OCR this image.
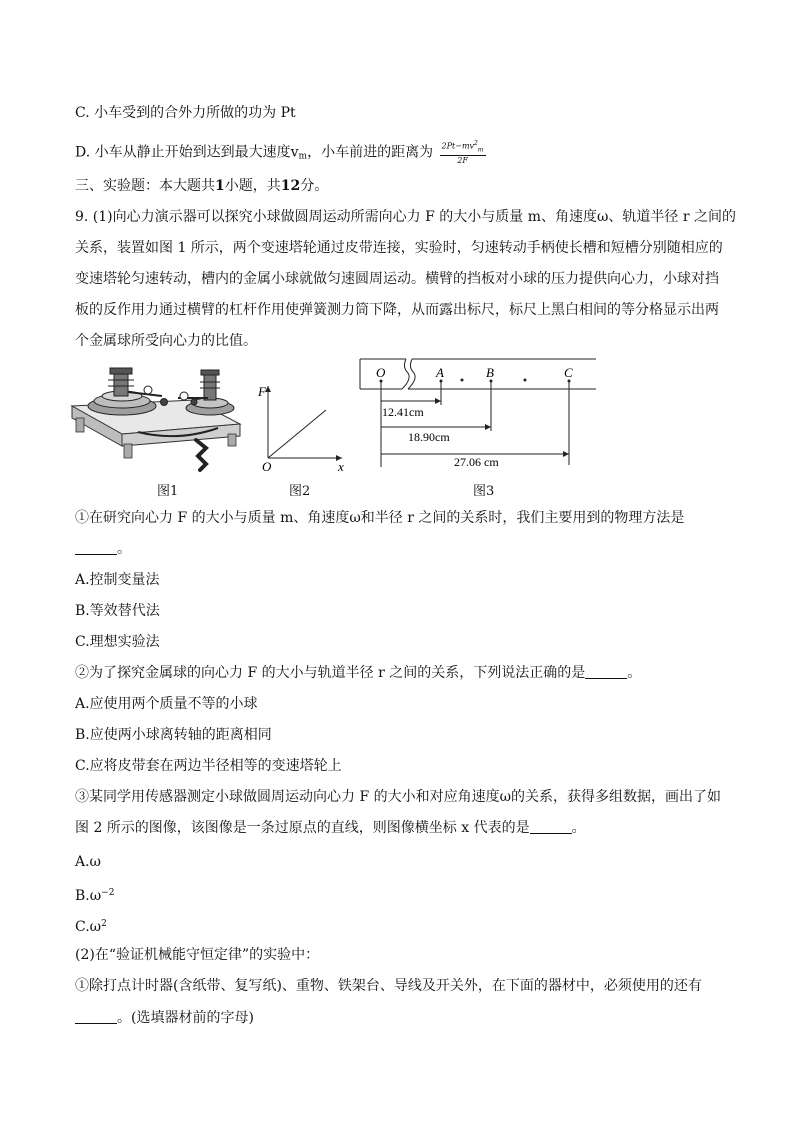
C. 小车受到的合外力所做的功为 Pt
D. 小车从静止开始到达到最大速度$v_m$，小车前进的距离为 $\frac{2Pt-mv^2_m}{2F}$
三、实验题：本大题共1小题，共12分。
9. (1)向心力演示器可以探究小球做圆周运动所需向心力 F 的大小与质量 m、角速度ω、轨道半径 r 之间的
关系，装置如图 1 所示，两个变速塔轮通过皮带连接，实验时，匀速转动手柄使长槽和短槽分别随相应的
变速塔轮匀速转动，槽内的金属小球就做匀速圆周运动。横臂的挡板对小球的压力提供向心力，小球对挡
板的反作用力通过横臂的杠杆作用使弹簧测力筒下降，从而露出标尺，标尺上黑白相间的等分格显示出两
个金属球所受向心力的比值。
F
x
O
O	A	B	C
12.41cm
18.90cm
27.06 cm
图1	图2	图3
①在研究向心力 F 的大小与质量 m、角速度ω和半径 r 之间的关系时，我们主要用到的物理方法是
。
A.控制变量法
B.等效替代法
C.理想实验法
②为了探究金属球的向心力 F 的大小与轨道半径 r 之间的关系，下列说法正确的是	。
A.应使用两个质量不等的小球
B.应使两小球离转轴的距离相同
C.应将皮带套在两边半径相等的变速塔轮上
③某同学用传感器测定小球做圆周运动向心力 F 的大小和对应角速度ω的关系，获得多组数据，画出了如
图 2 所示的图像，该图像是一条过原点的直线，则图像横坐标 x 代表的是	。
A.ω
$B.\omega^{-2}$
$C.\omega^2$
(2)在“验证机械能守恒定律”的实验中：
①除打点计时器(含纸带、复写纸)、重物、铁架台、导线及开关外，在下面的器材中，必须使用的还有
。(选填器材前的字母)
